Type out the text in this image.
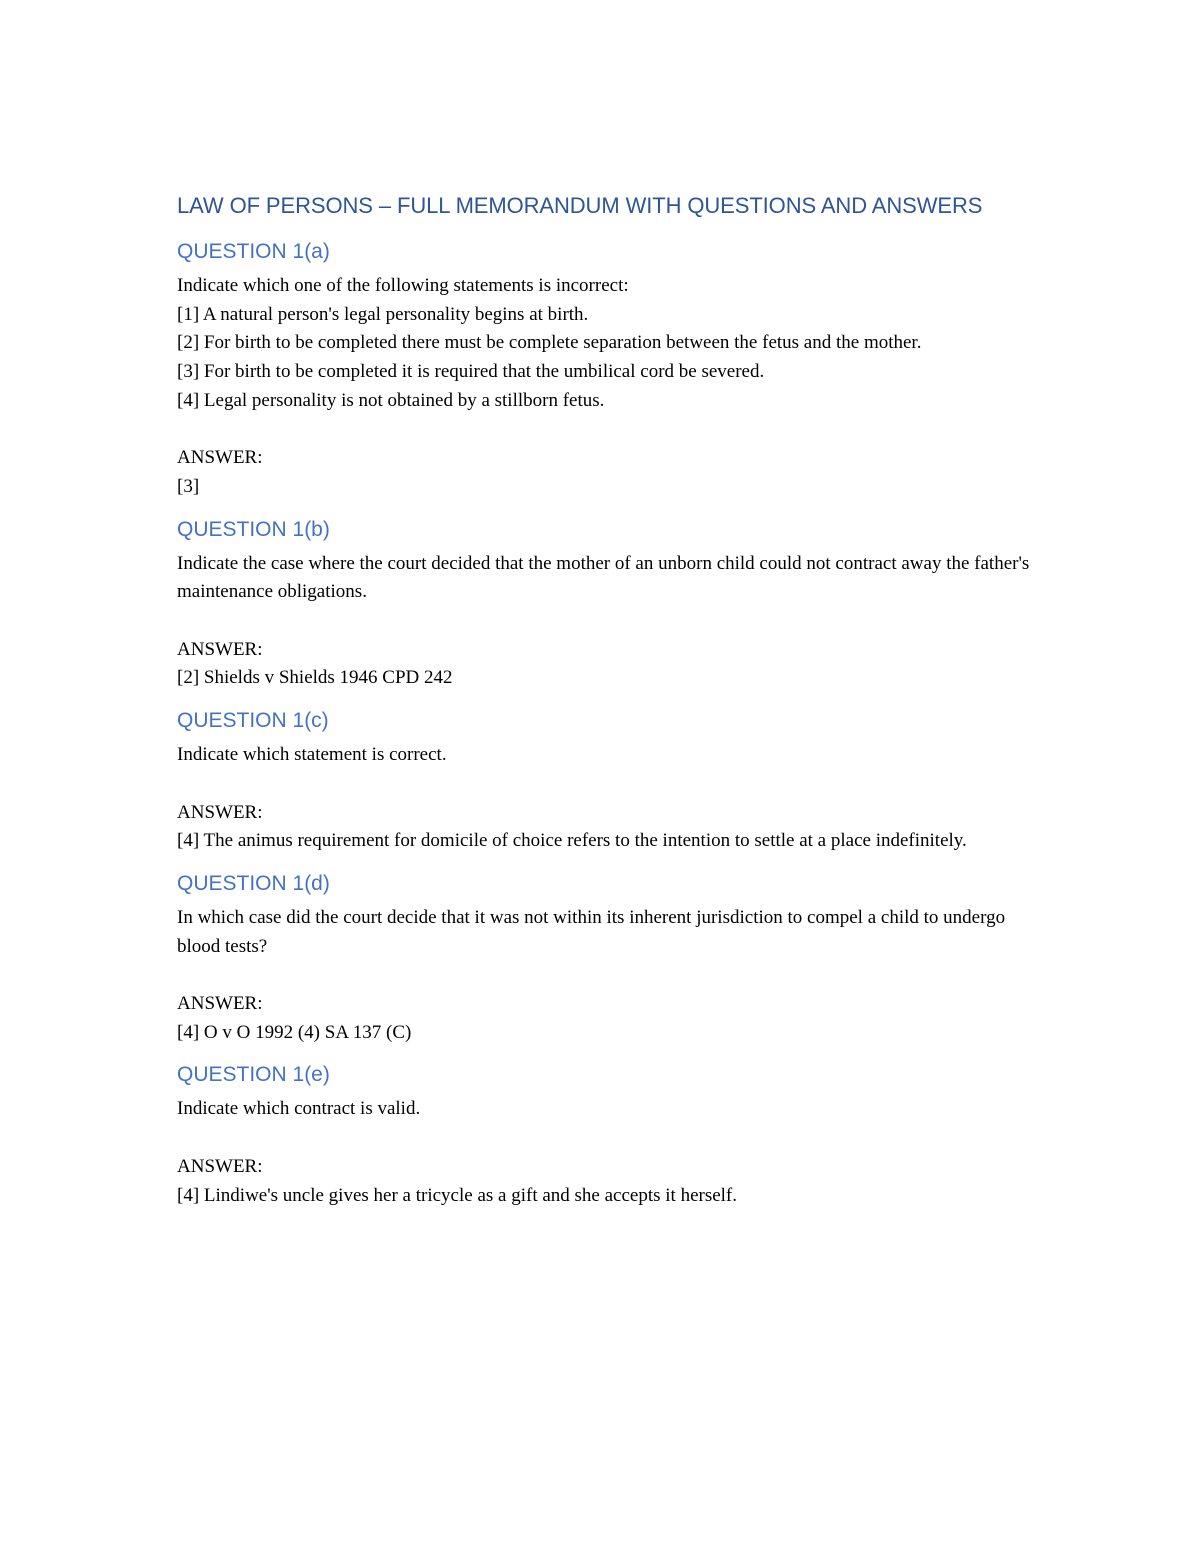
LAW OF PERSONS – FULL MEMORANDUM WITH QUESTIONS AND ANSWERS
QUESTION 1(a)

Indicate which one of the following statements is incorrect:

[1] A natural person's legal personality begins at birth.

[2] For birth to be completed there must be complete separation between the fetus and the mother.

[3] For birth to be completed it is required that the umbilical cord be severed.

[4] Legal personality is not obtained by a stillborn fetus.

ANSWER:

[3]

QUESTION 1(b)

Indicate the case where the court decided that the mother of an unborn child could not contract away the father's maintenance obligations.

ANSWER:

[2] Shields v Shields 1946 CPD 242

QUESTION 1(c)

Indicate which statement is correct.

ANSWER:

[4] The animus requirement for domicile of choice refers to the intention to settle at a place indefinitely.

QUESTION 1(d)

In which case did the court decide that it was not within its inherent jurisdiction to compel a child to undergo blood tests?

ANSWER:

[4] O v O 1992 (4) SA 137 (C)

QUESTION 1(e)

Indicate which contract is valid.

ANSWER:

[4] Lindiwe's uncle gives her a tricycle as a gift and she accepts it herself.
